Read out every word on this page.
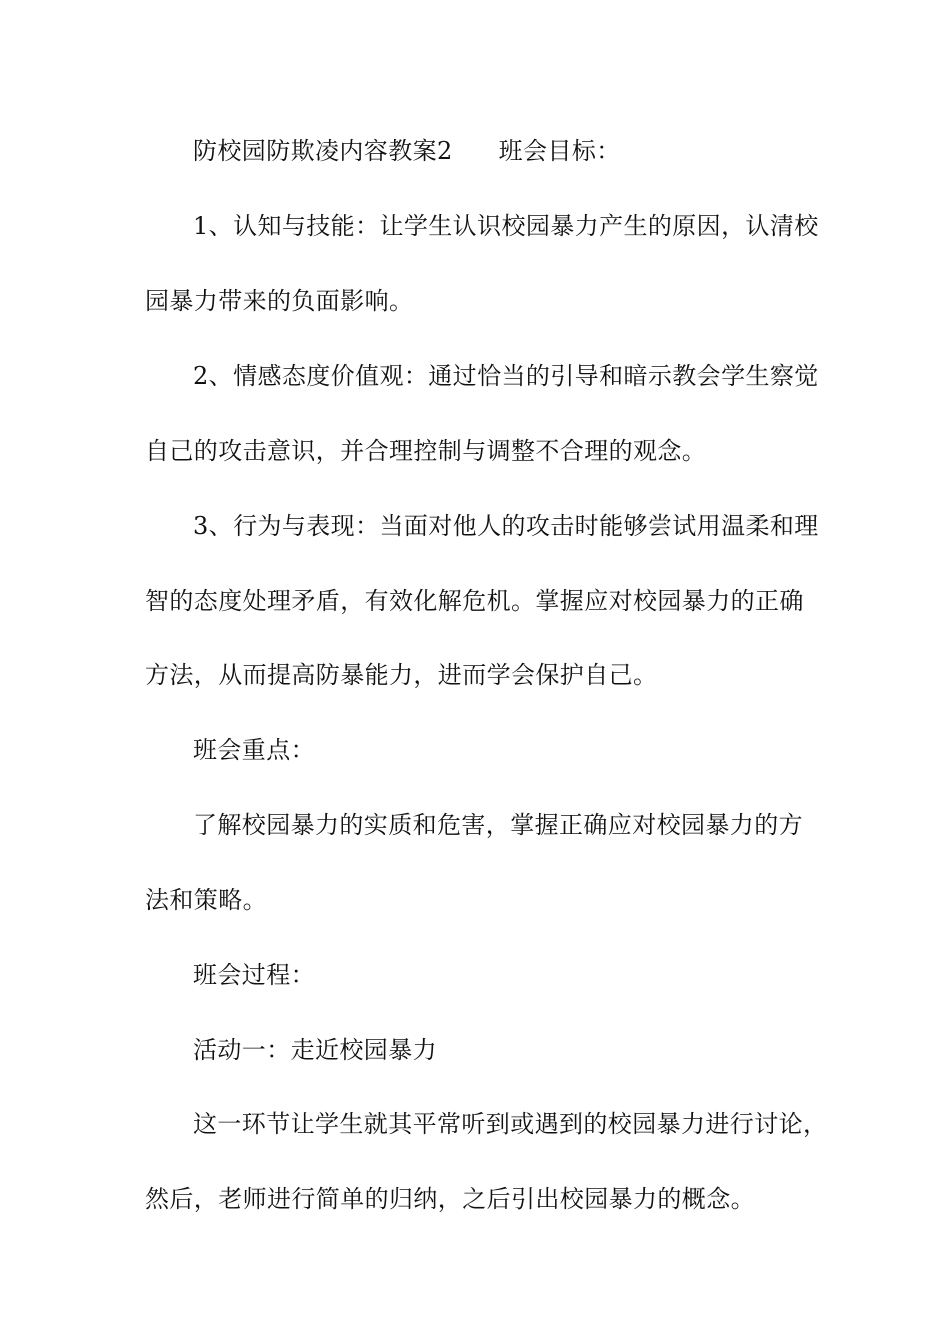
防校园防欺凌内容教案2 班会目标：

1、认知与技能：让学生认识校园暴力产生的原因，认清校

园暴力带来的负面影响。

2、情感态度价值观：通过恰当的引导和暗示教会学生察觉

自己的攻击意识，并合理控制与调整不合理的观念。

3、行为与表现：当面对他人的攻击时能够尝试用温柔和理

智的态度处理矛盾，有效化解危机。掌握应对校园暴力的正确

方法，从而提高防暴能力，进而学会保护自己。

班会重点：

了解校园暴力的实质和危害，掌握正确应对校园暴力的方

法和策略。

班会过程：

活动一：走近校园暴力

这一环节让学生就其平常听到或遇到的校园暴力进行讨论，

然后，老师进行简单的归纳，之后引出校园暴力的概念。
